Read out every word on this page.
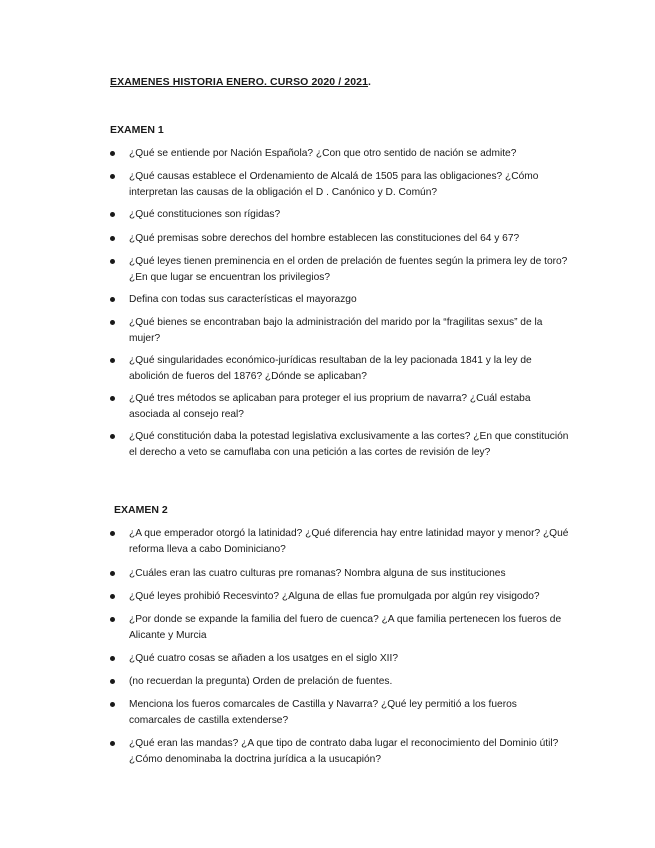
EXAMENES HISTORIA ENERO. CURSO 2020 / 2021.
EXAMEN 1
¿Qué se entiende por Nación Española? ¿Con que otro sentido de nación se admite?
¿Qué causas establece el Ordenamiento de Alcalá de 1505 para las obligaciones? ¿Cómo interpretan las causas de la obligación el D . Canónico y D. Común?
¿Qué constituciones son rígidas?
¿Qué premisas sobre derechos del hombre establecen las constituciones del 64 y 67?
¿Qué leyes tienen preminencia en el orden de prelación de fuentes según la primera ley de toro? ¿En que lugar se encuentran los privilegios?
Defina con todas sus características el mayorazgo
¿Qué bienes se encontraban bajo la administración del marido por la “fragilitas sexus” de la mujer?
¿Qué singularidades económico-jurídicas resultaban de la ley pacionada 1841 y la ley de abolición de fueros del 1876? ¿Dónde se aplicaban?
¿Qué tres métodos se aplicaban para proteger el ius proprium de navarra? ¿Cuál estaba asociada al consejo real?
¿Qué constitución daba la potestad legislativa exclusivamente a las cortes? ¿En que constitución el derecho a veto se camuflaba con una petición a las cortes de revisión de ley?
EXAMEN 2
¿A que emperador otorgó la latinidad? ¿Qué diferencia hay entre latinidad mayor y menor? ¿Qué reforma lleva a cabo Dominiciano?
¿Cuáles eran las cuatro culturas pre romanas? Nombra alguna de sus instituciones
¿Qué leyes prohibió Recesvinto? ¿Alguna de ellas fue promulgada por algún rey visigodo?
¿Por donde se expande la familia del fuero de cuenca? ¿A que familia pertenecen los fueros de Alicante y Murcia
¿Qué cuatro cosas se añaden a los usatges en el siglo XII?
(no recuerdan la pregunta) Orden de prelación de fuentes.
Menciona los fueros comarcales de Castilla y Navarra? ¿Qué ley permitió a los fueros comarcales de castilla extenderse?
¿Qué eran las mandas? ¿A que tipo de contrato daba lugar el reconocimiento del Dominio útil? ¿Cómo denominaba la doctrina jurídica a la usucapión?
